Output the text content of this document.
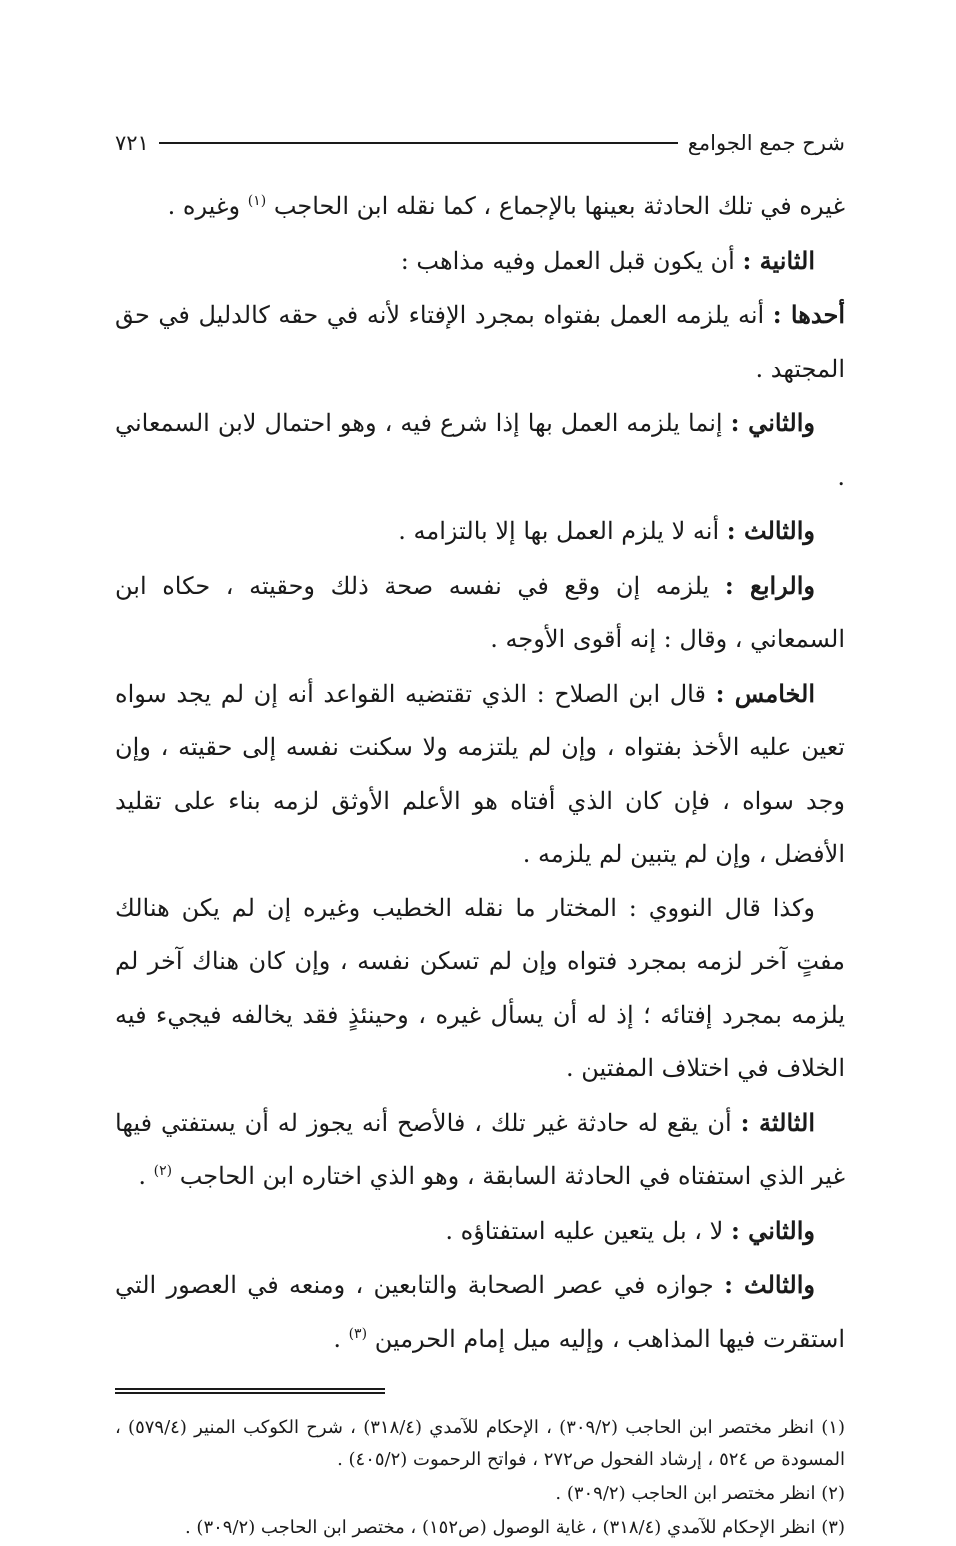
شرح جمع الجوامع
٧٢١

غيره في تلك الحادثة بعينها بالإجماع ، كما نقله ابن الحاجب $^{(١)}$ وغيره .

الثانية : أن يكون قبل العمل وفيه مذاهب :

أحدها : أنه يلزمه العمل بفتواه بمجرد الإفتاء لأنه في حقه كالدليل في حق المجتهد .

والثاني : إنما يلزمه العمل بها إذا شرع فيه ، وهو احتمال لابن السمعاني .

والثالث : أنه لا يلزم العمل بها إلا بالتزامه .

والرابع : يلزمه إن وقع في نفسه صحة ذلك وحقيته ، حكاه ابن السمعاني ، وقال : إنه أقوى الأوجه .

الخامس : قال ابن الصلاح : الذي تقتضيه القواعد أنه إن لم يجد سواه تعين عليه الأخذ بفتواه ، وإن لم يلتزمه ولا سكنت نفسه إلى حقيته ، وإن وجد سواه ، فإن كان الذي أفتاه هو الأعلم الأوثق لزمه بناء على تقليد الأفضل ، وإن لم يتبين لم يلزمه .

وكذا قال النووي : المختار ما نقله الخطيب وغيره إن لم يكن هنالك مفتٍ آخر لزمه بمجرد فتواه وإن لم تسكن نفسه ، وإن كان هناك آخر لم يلزمه بمجرد إفتائه ؛ إذ له أن يسأل غيره ، وحينئذٍ فقد يخالفه فيجيء فيه الخلاف في اختلاف المفتين .

الثالثة : أن يقع له حادثة غير تلك ، فالأصح أنه يجوز له أن يستفتي فيها غير الذي استفتاه في الحادثة السابقة ، وهو الذي اختاره ابن الحاجب $^{(٢)}$ .

والثاني : لا ، بل يتعين عليه استفتاؤه .

والثالث : جوازه في عصر الصحابة والتابعين ، ومنعه في العصور التي استقرت فيها المذاهب ، وإليه ميل إمام الحرمين $^{(٣)}$ .

(١) انظر مختصر ابن الحاجب (٣٠٩/٢) ، الإحكام للآمدي (٣١٨/٤) ، شرح الكوكب المنير (٥٧٩/٤) ، المسودة ص ٥٢٤ ، إرشاد الفحول ص٢٧٢ ، فواتح الرحموت (٤٠٥/٢) .

(٢) انظر مختصر ابن الحاجب (٣٠٩/٢) .

(٣) انظر الإحكام للآمدي (٣١٨/٤) ، غاية الوصول (ص١٥٢) ، مختصر ابن الحاجب (٣٠٩/٢) .
